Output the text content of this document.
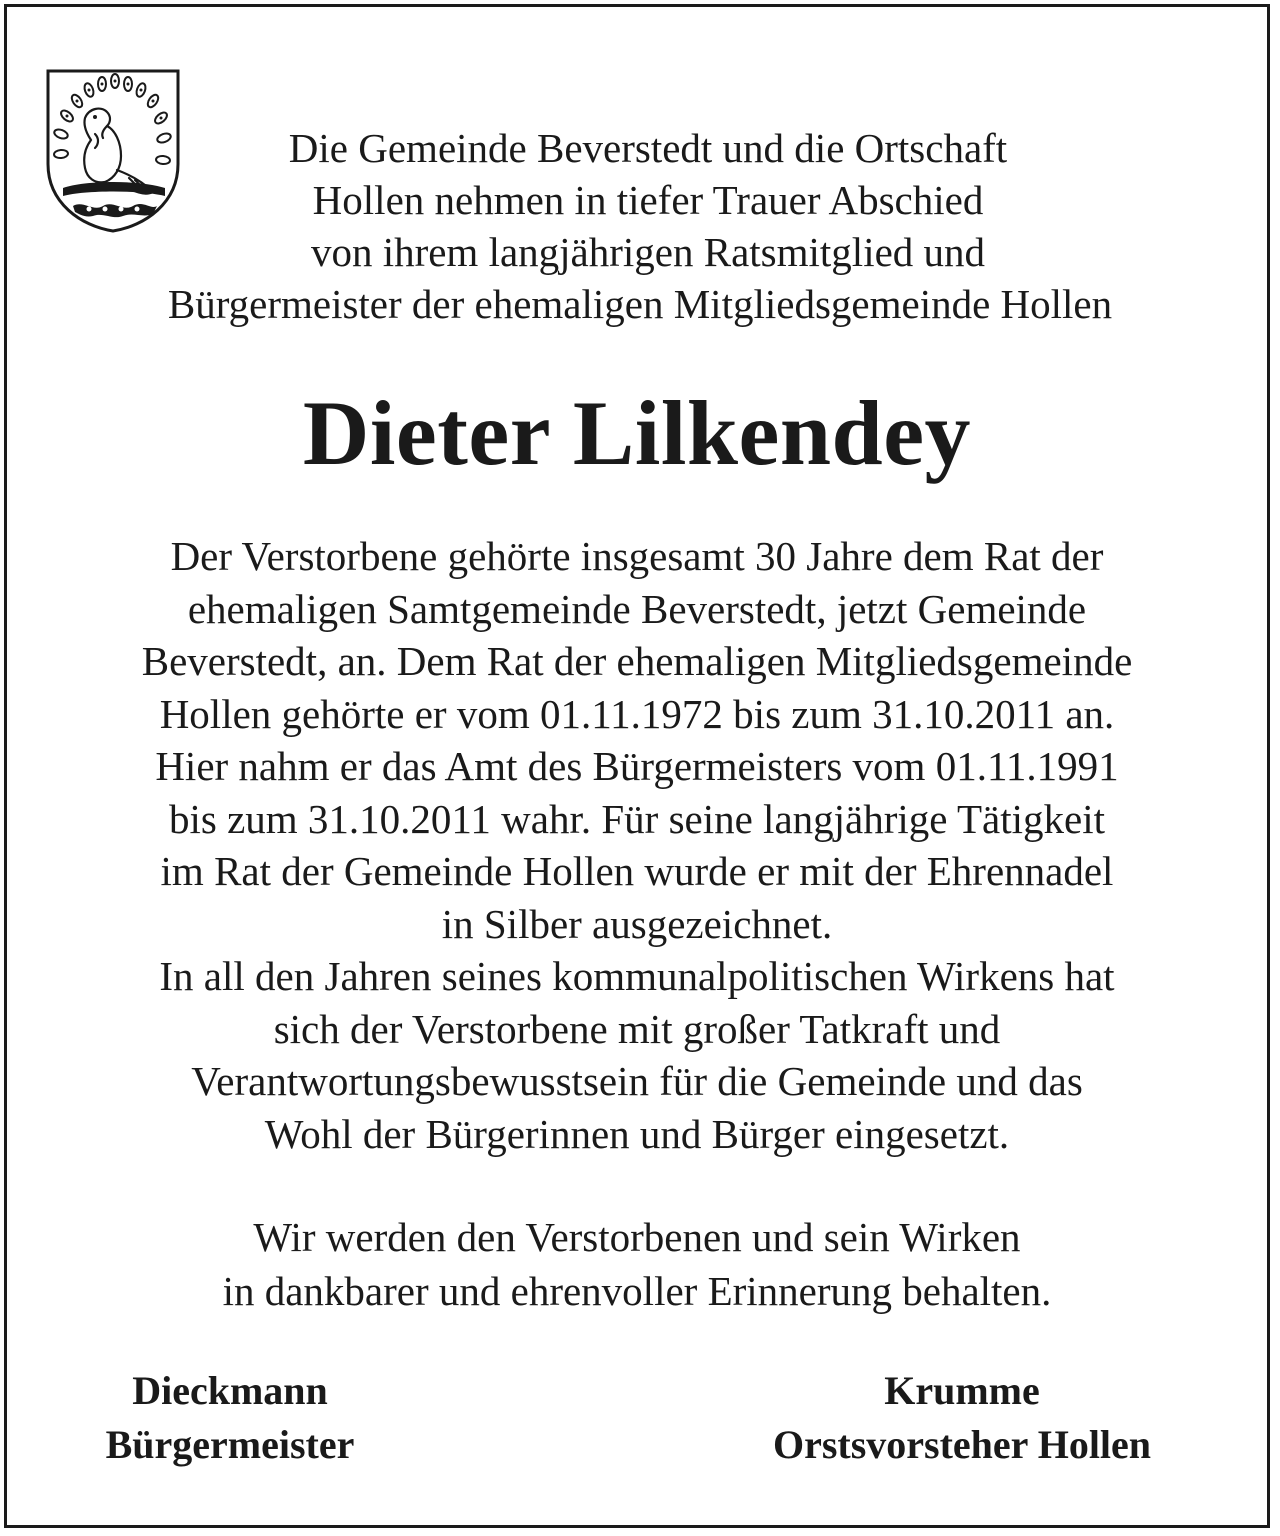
Die Gemeinde Beverstedt und die Ortschaft
Hollen nehmen in tiefer Trauer Abschied
von ihrem langjährigen Ratsmitglied und
Bürgermeister der ehemaligen Mitgliedsgemeinde Hollen
Dieter Lilkendey
Der Verstorbene gehörte insgesamt 30 Jahre dem Rat der
ehemaligen Samtgemeinde Beverstedt, jetzt Gemeinde
Beverstedt, an. Dem Rat der ehemaligen Mitgliedsgemeinde
Hollen gehörte er vom 01.11.1972 bis zum 31.10.2011 an.
Hier nahm er das Amt des Bürgermeisters vom 01.11.1991
bis zum 31.10.2011 wahr. Für seine langjährige Tätigkeit
im Rat der Gemeinde Hollen wurde er mit der Ehrennadel
in Silber ausgezeichnet.
In all den Jahren seines kommunalpolitischen Wirkens hat
sich der Verstorbene mit großer Tatkraft und
Verantwortungsbewusstsein für die Gemeinde und das
Wohl der Bürgerinnen und Bürger eingesetzt.
Wir werden den Verstorbenen und sein Wirken
in dankbarer und ehrenvoller Erinnerung behalten.
Dieckmann
Bürgermeister
Krumme
Orstsvorsteher Hollen
